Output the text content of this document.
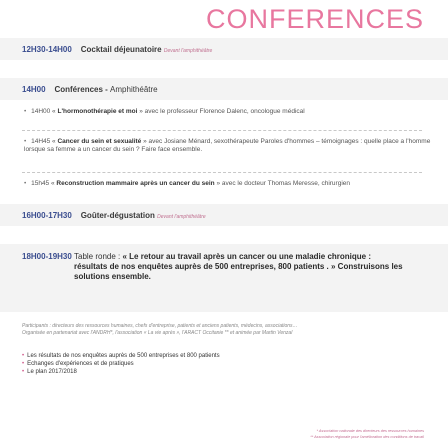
CONFERENCES
12H30-14H00 Cocktail déjeunatoire Devant l'amphithéâtre
14H00 Conférences - Amphithéâtre
• 14H00 « L'hormonothérapie et moi » avec le professeur Florence Dalenc, oncologue médical
• 14H45 « Cancer du sein et sexualité » avec Josiane Ménard, sexothérapeute Paroles d'hommes – témoignages : quelle place a l'homme lorsque sa femme a un cancer du sein ? Faire face ensemble.
• 15h45 « Reconstruction mammaire après un cancer du sein » avec le docteur Thomas Meresse, chirurgien
16H00-17H30 Goûter-dégustation Devant l'amphithéâtre
18H00-19H30 Table ronde : « Le retour au travail après un cancer ou une maladie chronique : résultats de nos enquêtes auprès de 500 entreprises, 800 patients . » Construisons les solutions ensemble.
Participants : directeurs des ressources humaines, chefs d'entreprise, patients et anciens patients, médecins, associations…
Organisée en partenariat avec l'ANDRH*, l'association « La vie après », l'ARACT Occitanie ** et animée par Martin Venzal
• Les résultats de nos enquêtes auprès de 500 entreprises et 800 patients
• Echanges d'expériences et de pratiques
• Le plan 2017/2018
* Association nationale des directeurs des ressources humaines
** Association régionale pour l'amélioration des conditions de travail
